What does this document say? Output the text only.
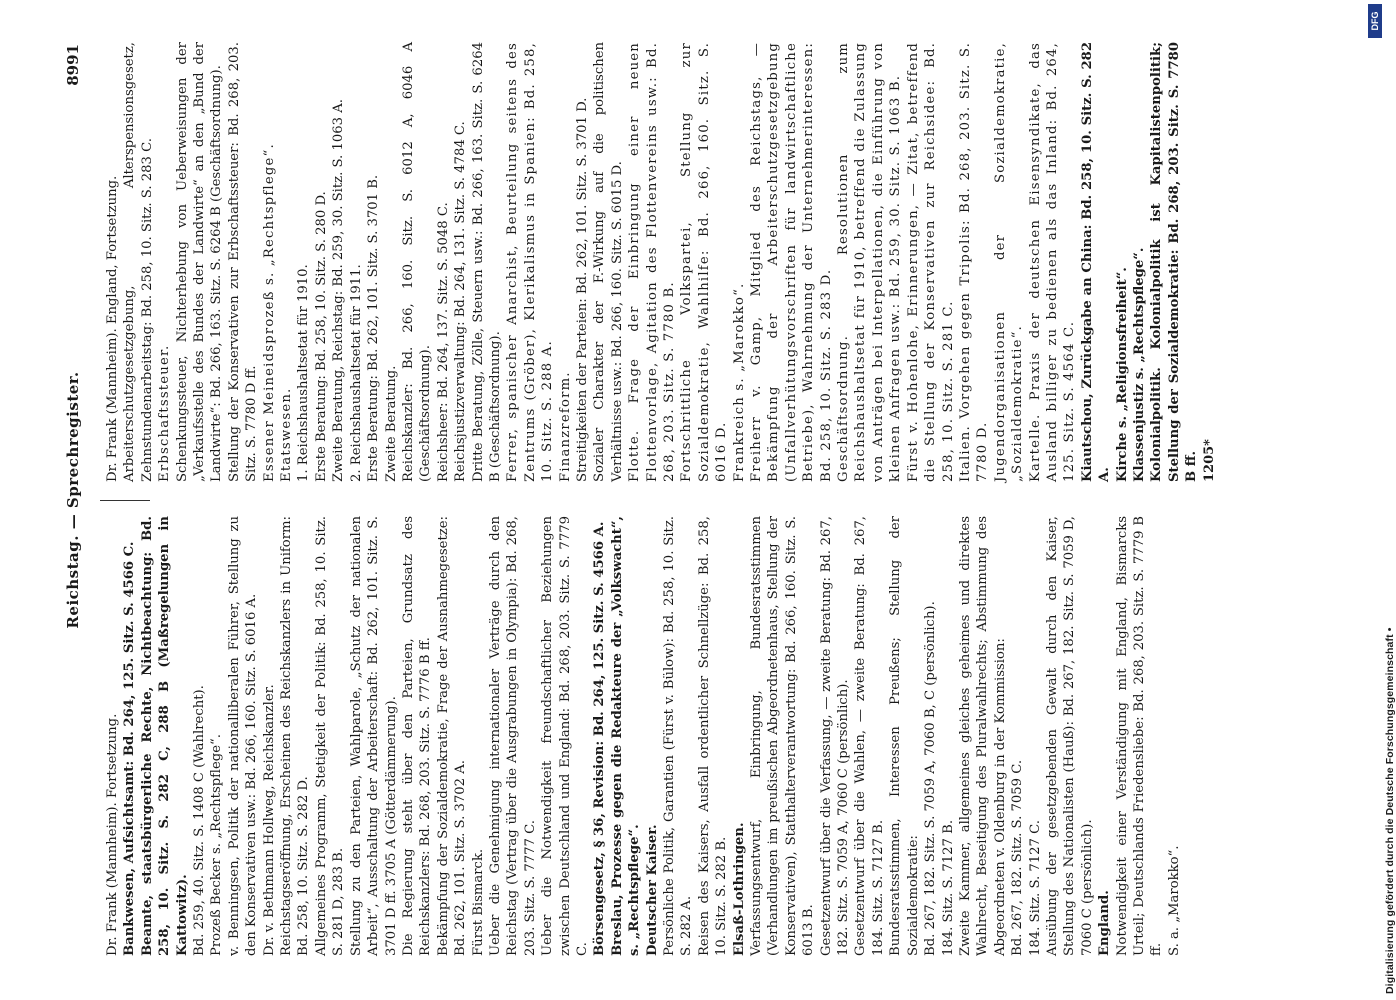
Reichstag. — Sprechregister.
8991

Dr. Frank (Mannheim). Fortsetzung. Bankwesen, Aufsichtsamt: Bd. 264, 125. Sitz. S. 4566 C. Beamte, staatsbürgerliche Rechte, Nichtbeachtung: Bd. 258, 10. Sitz. S. 282 C, 288 B (Maßregelungen in Kattowitz). Bd. 259, 40. Sitz. S. 1408 C (Wahlrecht). Prozeß Becker s. „Rechtspflege“. v. Benningsen, Politik der nationalliberalen Führer, Stellung zu den Konservativen usw.: Bd. 266, 160. Sitz. S. 6016 A. Dr. v. Bethmann Hollweg, Reichskanzler. Reichstagseröffnung, Erscheinen des Reichskanzlers in Uniform: Bd. 258, 10. Sitz. S. 282 D. Allgemeines Programm, Stetigkeit der Politik: Bd. 258, 10. Sitz. S. 281 D, 283 B. Stellung zu den Parteien, Wahlparole, „Schutz der nationalen Arbeit“, Ausschaltung der Arbeiterschaft: Bd. 262, 101. Sitz. S. 3701 D ff. 3705 A (Götterdämmerung). Die Regierung steht über den Parteien, Grundsatz des Reichskanzlers: Bd. 268, 203. Sitz. S. 7776 B ff. Bekämpfung der Sozialdemokratie, Frage der Ausnahmegesetze: Bd. 262, 101. Sitz. S. 3702 A. Fürst Bismarck. Ueber die Genehmigung internationaler Verträge durch den Reichstag (Vertrag über die Ausgrabungen in Olympia): Bd. 268, 203. Sitz. S. 7777 C. Ueber die Notwendigkeit freundschaftlicher Beziehungen zwischen Deutschland und England: Bd. 268, 203. Sitz. S. 7779 C. Börsengesetz, § 36, Revision: Bd. 264, 125. Sitz. S. 4566 A. Breslau, Prozesse gegen die Redakteure der „Volkswacht“, s. „Rechtspflege“. Deutscher Kaiser. Persönliche Politik, Garantien (Fürst v. Bülow): Bd. 258, 10. Sitz. S. 282 A. Reisen des Kaisers, Ausfall ordentlicher Schnellzüge: Bd. 258, 10. Sitz. S. 282 B. Elsaß-Lothringen. Verfassungsentwurf, Einbringung, Bundesratsstimmen (Verhandlungen im preußischen Abgeordnetenhaus, Stellung der Konservativen), Statthalterverantwortung: Bd. 266, 160. Sitz. S. 6013 B. Gesetzentwurf über die Verfassung, — zweite Beratung: Bd. 267, 182. Sitz. S. 7059 A, 7060 C (persönlich). Gesetzentwurf über die Wahlen, — zweite Beratung: Bd. 267, 184. Sitz. S. 7127 B. Bundesratsstimmen, Interessen Preußens; Stellung der Sozialdemokratie: Bd. 267, 182. Sitz. S. 7059 A, 7060 B, C (persönlich). 184. Sitz. S. 7127 B. Zweite Kammer, allgemeines gleiches geheimes und direktes Wahlrecht, Beseitigung des Pluralwahlrechts; Abstimmung des Abgeordneten v. Oldenburg in der Kommission: Bd. 267, 182. Sitz. S. 7059 C. 184. Sitz. S. 7127 C. Ausübung der gesetzgebenden Gewalt durch den Kaiser, Stellung des Nationalisten (Hauß): Bd. 267, 182. Sitz. S. 7059 D, 7060 C (persönlich). England. Notwendigkeit einer Verständigung mit England, Bismarcks Urteil; Deutschlands Friedensliebe: Bd. 268, 203. Sitz. S. 7779 B ff. S. a. „Marokko“.

Dr. Frank (Mannheim). England, Fortsetzung. Arbeiterschutzgesetzgebung, Alterspensionsgesetz, Zehnstundenarbeitstag: Bd. 258, 10. Sitz. S. 283 C. Erbschaftssteuer. Schenkungssteuer, Nichterhebung von Ueberweisungen der „Verkaufsstelle des Bundes der Landwirte“ an den „Bund der Landwirte“: Bd. 266, 163. Sitz. S. 6264 B (Geschäftsordnung). Stellung der Konservativen zur Erbschaftssteuer: Bd. 268, 203. Sitz. S. 7780 D ff. Essener Meineidsprozeß s. „Rechtspflege“. Etatswesen. 1. Reichshaushaltsetat für 1910. Erste Beratung: Bd. 258, 10. Sitz. S. 280 D. Zweite Beratung, Reichstag: Bd. 259, 30. Sitz. S. 1063 A. 2. Reichshaushaltsetat für 1911. Erste Beratung: Bd. 262, 101. Sitz. S. 3701 B. Zweite Beratung. Reichskanzler: Bd. 266, 160. Sitz. S. 6012 A, 6046 A (Geschäftsordnung). Reichsheer: Bd. 264, 137. Sitz. S. 5048 C. Reichsjustizverwaltung: Bd. 264, 131. Sitz. S. 4784 C. Dritte Beratung, Zölle, Steuern usw.: Bd. 266, 163. Sitz. S. 6264 B (Geschäftsordnung). Ferrer, spanischer Anarchist, Beurteilung seitens des Zentrums (Gröber), Klerikalismus in Spanien: Bd. 258, 10. Sitz. S. 288 A. Finanzreform. Streitigkeiten der Parteien: Bd. 262, 101. Sitz. S. 3701 D. Sozialer Charakter der F.-Wirkung auf die politischen Verhältnisse usw.: Bd. 266, 160. Sitz. S. 6015 D. Flotte. Frage der Einbringung einer neuen Flottenvorlage, Agitation des Flottenvereins usw.: Bd. 268, 203. Sitz. S. 7780 B. Fortschrittliche Volkspartei, Stellung zur Sozialdemokratie, Wahlhilfe: Bd. 266, 160. Sitz. S. 6016 D. Frankreich s. „Marokko“. Freiherr v. Gamp, Mitglied des Reichstags, — Bekämpfung der Arbeiterschutzgesetzgebung (Unfallverhütungsvorschriften für landwirtschaftliche Betriebe), Wahrnehmung der Unternehmerinteressen: Bd. 258, 10. Sitz. S. 283 D. Geschäftsordnung. Resolutionen zum Reichshaushaltsetat für 1910, betreffend die Zulassung von Anträgen bei Interpellationen, die Einführung von kleinen Anfragen usw.: Bd. 259, 30. Sitz. S. 1063 B. Fürst v. Hohenlohe, Erinnerungen, — Zitat, betreffend die Stellung der Konservativen zur Reichsidee: Bd. 258, 10. Sitz. S. 281 C. Italien. Vorgehen gegen Tripolis: Bd. 268, 203. Sitz. S. 7780 D. Jugendorganisationen der Sozialdemokratie, „Sozialdemokratie“. Kartelle. Praxis der deutschen Eisensyndikate, das Ausland billiger zu bedienen als das Inland: Bd. 264, 125. Sitz. S. 4564 C. Kiautschou, Zurückgabe an China: Bd. 258, 10. Sitz. S. 282 A. Kirche s. „Religionsfreiheit“. Klassenjustiz s. „Rechtspflege“. Kolonialpolitik. Kolonialpolitik ist Kapitalistenpolitik; Stellung der Sozialdemokratie: Bd. 268, 203. Sitz. S. 7780 B ff. 1205*

Digitalisierung gefördert durch die Deutsche Forschungsgemeinschaft •
DFG
